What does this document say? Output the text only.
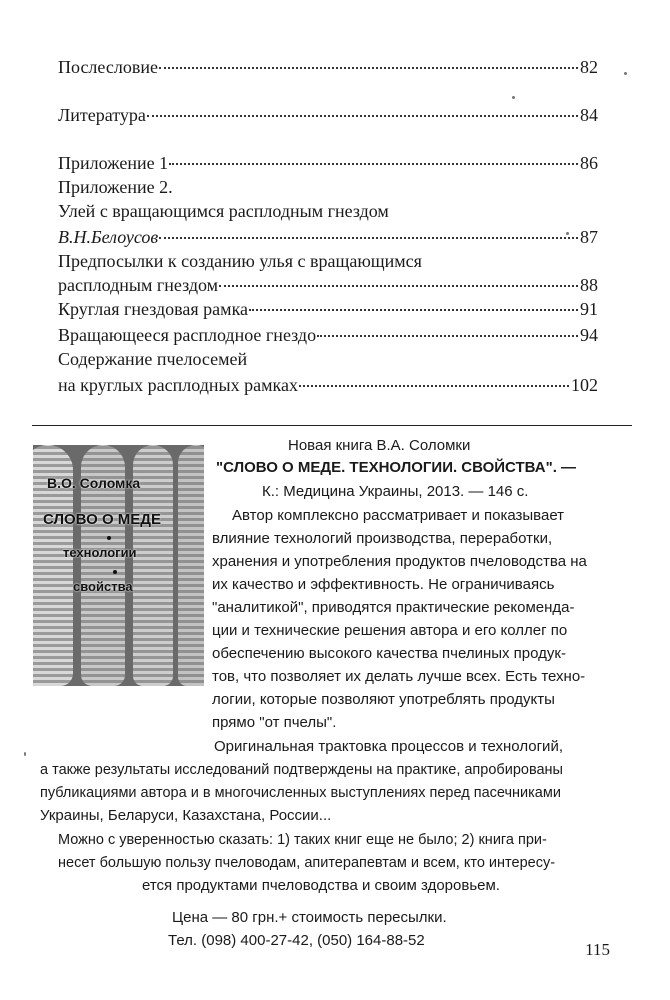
Послесловие	82
Литература	84
Приложение 1	86
Приложение 2.
Улей с вращающимся расплодным гнездом
В.Н.Белоусов	87
Предпосылки к созданию улья с вращающимся
расплодным гнездом	88
Круглая гнездовая рамка	91
Вращающееся расплодное гнездо	94
Содержание пчелосемей
на круглых расплодных рамках	102
В.О. Соломка
СЛОВО О МЕДЕ
технологии
свойства
Новая книга В.А. Соломки
"СЛОВО О МЕДЕ. ТЕХНОЛОГИИ. СВОЙСТВА". —
К.: Медицина Украины, 2013. — 146 с.
Автор комплексно рассматривает и показывает
влияние технологий производства, переработки,
хранения и употребления продуктов пчеловодства на
их качество и эффективность. Не ограничиваясь
"аналитикой", приводятся практические рекоменда-
ции и технические решения автора и его коллег по
обеспечению высокого качества пчелиных продук-
тов, что позволяет их делать лучше всех. Есть техно-
логии, которые позволяют употреблять продукты
прямо "от пчелы".
Оригинальная трактовка процессов и технологий,
а также результаты исследований подтверждены на практике, апробированы
публикациями автора и в многочисленных выступлениях перед пасечниками
Украины, Беларуси, Казахстана, России...
Можно с уверенностью сказать: 1) таких книг еще не было; 2) книга при-
несет большую пользу пчеловодам, апитерапевтам и всем, кто интересу-
ется продуктами пчеловодства и своим здоровьем.
Цена — 80 грн.+ стоимость пересылки.
Тел. (098) 400-27-42, (050) 164-88-52	115
